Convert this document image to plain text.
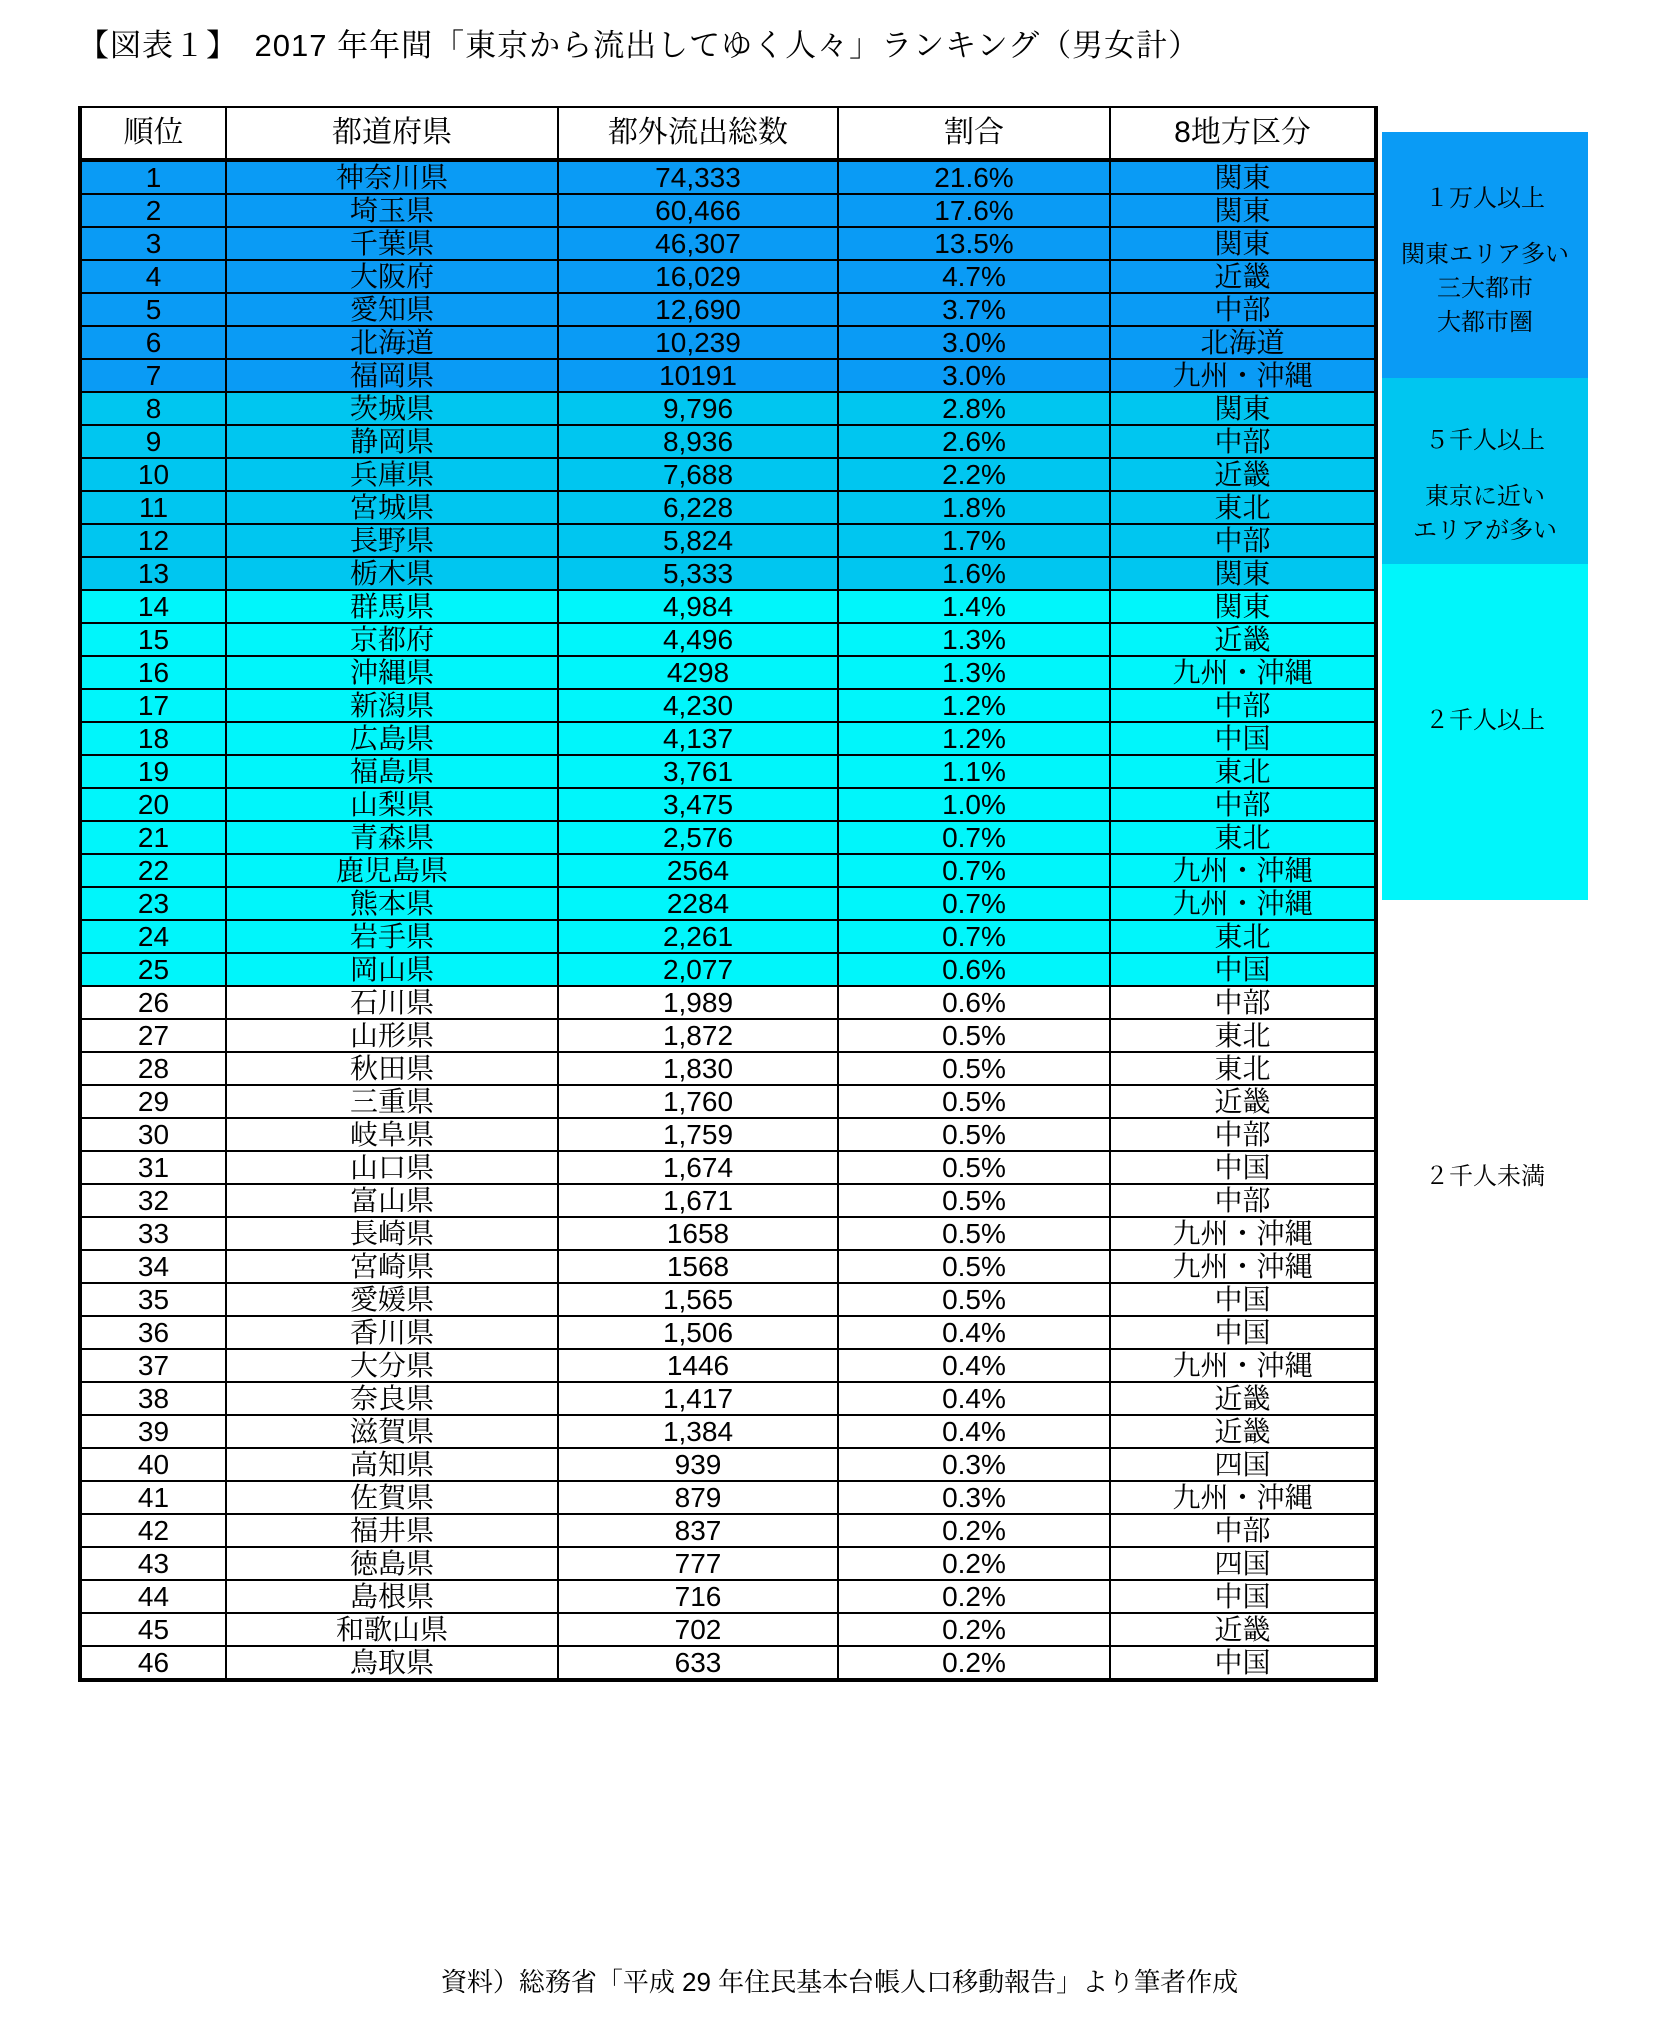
【図表１】　2017 年年間「東京から流出してゆく人々」ランキング（男女計）
１万人以上
関東エリア多い
三大都市
大都市圏
５千人以上
東京に近い
エリアが多い
２千人以上
２千人未満
順位	都道府県	都外流出総数	割合	8地方区分
1	神奈川県	74,333	21.6%	関東
2	埼玉県	60,466	17.6%	関東
3	千葉県	46,307	13.5%	関東
4	大阪府	16,029	4.7%	近畿
5	愛知県	12,690	3.7%	中部
6	北海道	10,239	3.0%	北海道
7	福岡県	10191	3.0%	九州・沖縄
8	茨城県	9,796	2.8%	関東
9	静岡県	8,936	2.6%	中部
10	兵庫県	7,688	2.2%	近畿
11	宮城県	6,228	1.8%	東北
12	長野県	5,824	1.7%	中部
13	栃木県	5,333	1.6%	関東
14	群馬県	4,984	1.4%	関東
15	京都府	4,496	1.3%	近畿
16	沖縄県	4298	1.3%	九州・沖縄
17	新潟県	4,230	1.2%	中部
18	広島県	4,137	1.2%	中国
19	福島県	3,761	1.1%	東北
20	山梨県	3,475	1.0%	中部
21	青森県	2,576	0.7%	東北
22	鹿児島県	2564	0.7%	九州・沖縄
23	熊本県	2284	0.7%	九州・沖縄
24	岩手県	2,261	0.7%	東北
25	岡山県	2,077	0.6%	中国
26	石川県	1,989	0.6%	中部
27	山形県	1,872	0.5%	東北
28	秋田県	1,830	0.5%	東北
29	三重県	1,760	0.5%	近畿
30	岐阜県	1,759	0.5%	中部
31	山口県	1,674	0.5%	中国
32	富山県	1,671	0.5%	中部
33	長崎県	1658	0.5%	九州・沖縄
34	宮崎県	1568	0.5%	九州・沖縄
35	愛媛県	1,565	0.5%	中国
36	香川県	1,506	0.4%	中国
37	大分県	1446	0.4%	九州・沖縄
38	奈良県	1,417	0.4%	近畿
39	滋賀県	1,384	0.4%	近畿
40	高知県	939	0.3%	四国
41	佐賀県	879	0.3%	九州・沖縄
42	福井県	837	0.2%	中部
43	徳島県	777	0.2%	四国
44	島根県	716	0.2%	中国
45	和歌山県	702	0.2%	近畿
46	鳥取県	633	0.2%	中国
資料）総務省「平成 29 年住民基本台帳人口移動報告」より筆者作成
